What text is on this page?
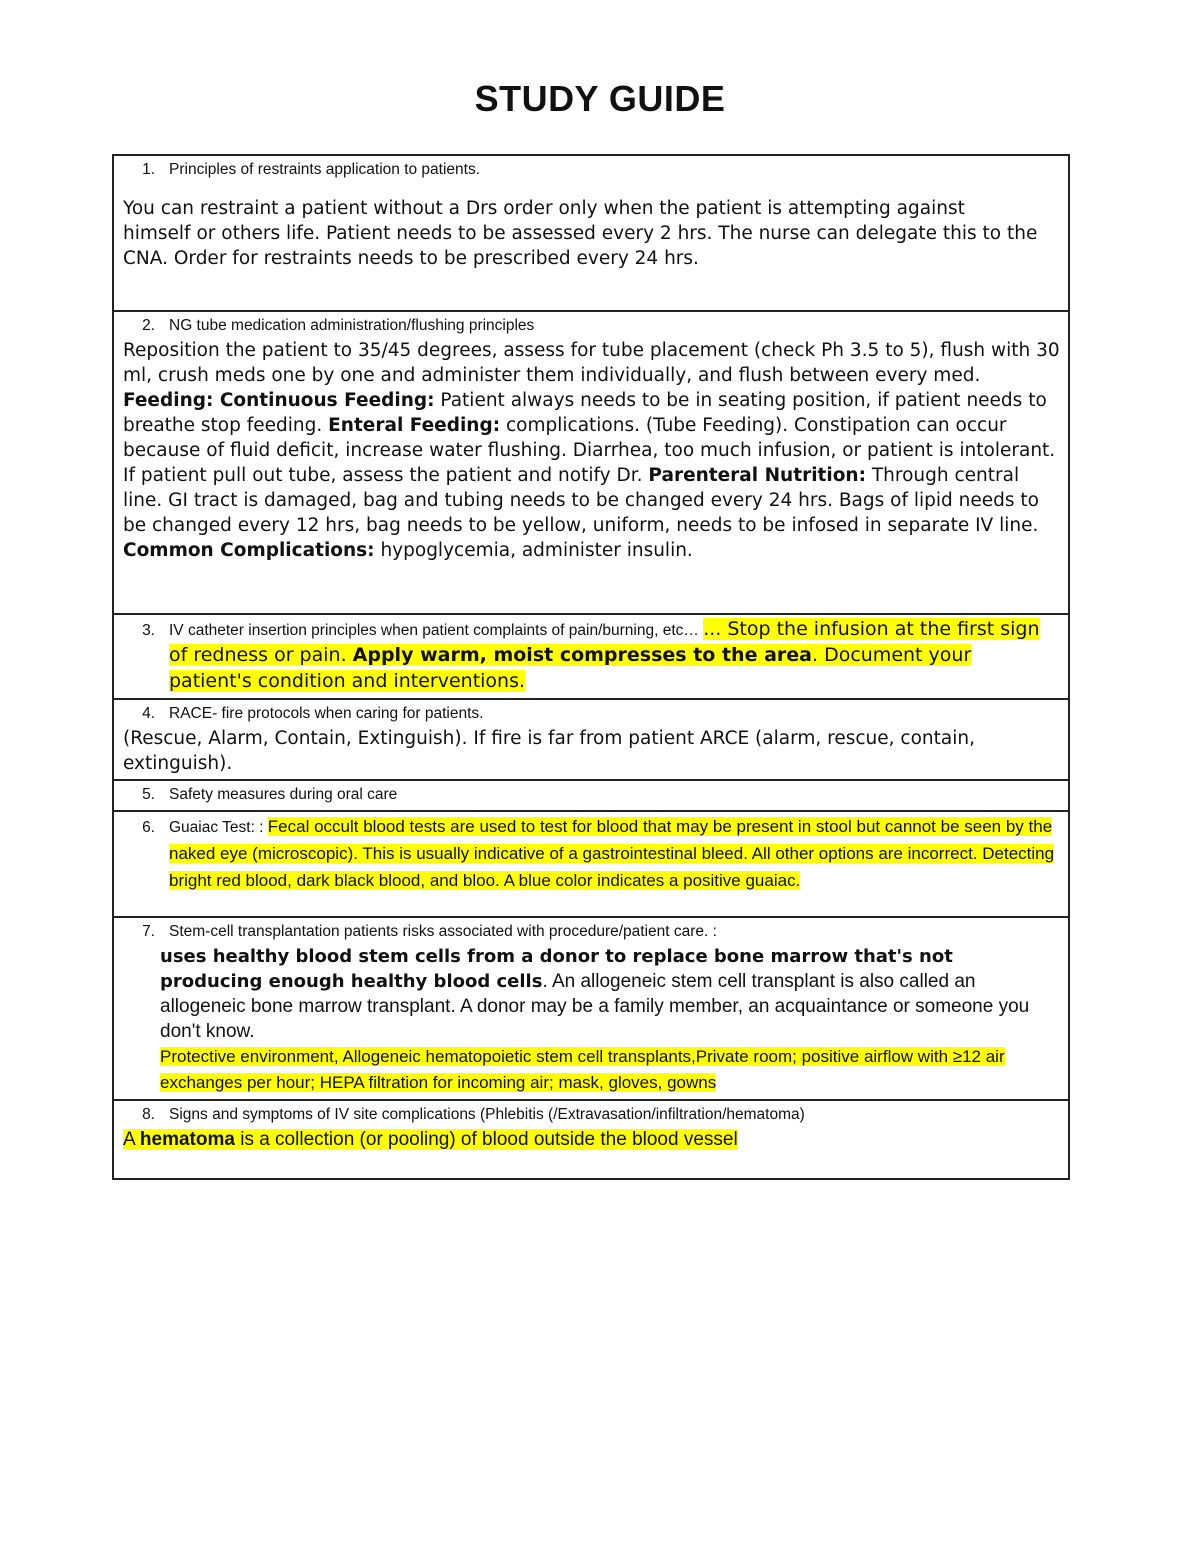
STUDY GUIDE

1. Principles of restraints application to patients.

You can restraint a patient without a Drs order only when the patient is attempting against
himself or others life. Patient needs to be assessed every 2 hrs. The nurse can delegate this to the CNA. Order for restraints needs to be prescribed every 24 hrs.

2. NG tube medication administration/flushing principles

Reposition the patient to 35/45 degrees, assess for tube placement (check Ph 3.5 to 5), flush with 30 ml, crush meds one by one and administer them individually, and flush between every med.
Feeding: Continuous Feeding: Patient always needs to be in seating position, if patient needs to breathe stop feeding. Enteral Feeding: complications. (Tube Feeding). Constipation can occur because of fluid deficit, increase water flushing. Diarrhea, too much infusion, or patient is intolerant. If patient pull out tube, assess the patient and notify Dr. Parenteral Nutrition: Through central line. GI tract is damaged, bag and tubing needs to be changed every 24 hrs. Bags of lipid needs to be changed every 12 hrs, bag needs to be yellow, uniform, needs to be infosed in separate IV line. Common Complications: hypoglycemia, administer insulin.

3. IV catheter insertion principles when patient complaints of pain/burning, etc… ... Stop the infusion at the first sign of redness or pain. Apply warm, moist compresses to the area. Document your patient's condition and interventions.

4. RACE- fire protocols when caring for patients.

(Rescue, Alarm, Contain, Extinguish). If fire is far from patient ARCE (alarm, rescue, contain, extinguish).

5. Safety measures during oral care

6. Guaiac Test: : Fecal occult blood tests are used to test for blood that may be present in stool but cannot be seen by the naked eye (microscopic). This is usually indicative of a gastrointestinal bleed. All other options are incorrect. Detecting bright red blood, dark black blood, and bloo. A blue color indicates a positive guaiac.

7. Stem-cell transplantation patients risks associated with procedure/patient care. :

uses healthy blood stem cells from a donor to replace bone marrow that's not producing enough healthy blood cells. An allogeneic stem cell transplant is also called an allogeneic bone marrow transplant. A donor may be a family member, an acquaintance or someone you don't know.

Protective environment, Allogeneic hematopoietic stem cell transplants,Private room; positive airflow with ≥12 air exchanges per hour; HEPA filtration for incoming air; mask, gloves, gowns

8. Signs and symptoms of IV site complications (Phlebitis (/Extravasation/infiltration/hematoma)

A hematoma is a collection (or pooling) of blood outside the blood vessel
